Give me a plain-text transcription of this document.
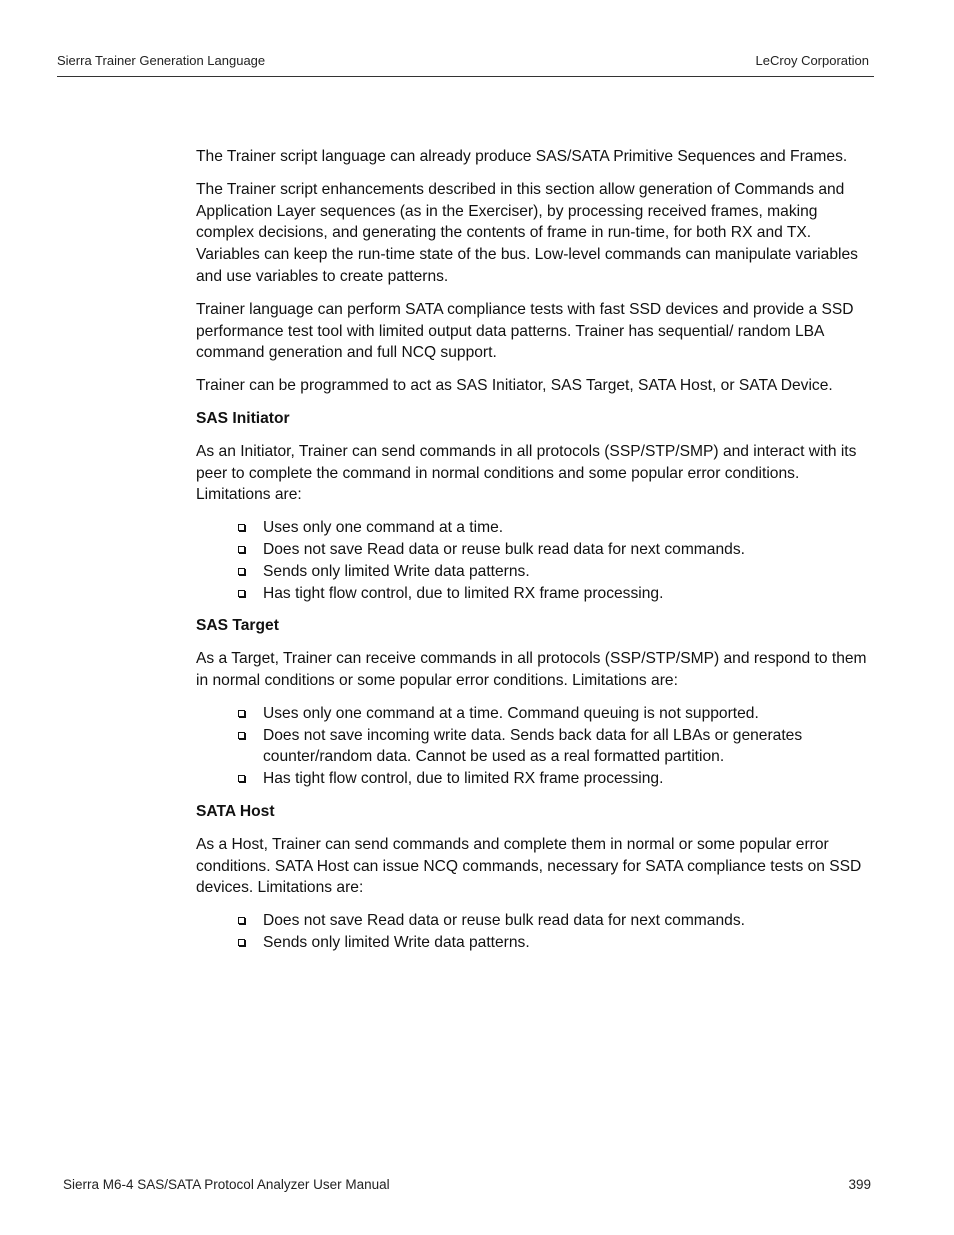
Sierra Trainer Generation Language	LeCroy Corporation

The Trainer script language can already produce SAS/SATA Primitive Sequences and Frames.

The Trainer script enhancements described in this section allow generation of Commands and Application Layer sequences (as in the Exerciser), by processing received frames, making complex decisions, and generating the contents of frame in run-time, for both RX and TX. Variables can keep the run-time state of the bus. Low-level commands can manipulate variables and use variables to create patterns.

Trainer language can perform SATA compliance tests with fast SSD devices and provide a SSD performance test tool with limited output data patterns. Trainer has sequential/ random LBA command generation and full NCQ support.

Trainer can be programmed to act as SAS Initiator, SAS Target, SATA Host, or SATA Device.

SAS Initiator

As an Initiator, Trainer can send commands in all protocols (SSP/STP/SMP) and interact with its peer to complete the command in normal conditions and some popular error conditions. Limitations are:

Uses only one command at a time.
Does not save Read data or reuse bulk read data for next commands.
Sends only limited Write data patterns.
Has tight flow control, due to limited RX frame processing.
SAS Target

As a Target, Trainer can receive commands in all protocols (SSP/STP/SMP) and respond to them in normal conditions or some popular error conditions. Limitations are:

Uses only one command at a time. Command queuing is not supported.
Does not save incoming write data. Sends back data for all LBAs or generates counter/random data. Cannot be used as a real formatted partition.
Has tight flow control, due to limited RX frame processing.
SATA Host

As a Host, Trainer can send commands and complete them in normal or some popular error conditions. SATA Host can issue NCQ commands, necessary for SATA compliance tests on SSD devices. Limitations are:

Does not save Read data or reuse bulk read data for next commands.
Sends only limited Write data patterns.
Sierra M6-4 SAS/SATA Protocol Analyzer User Manual	399
